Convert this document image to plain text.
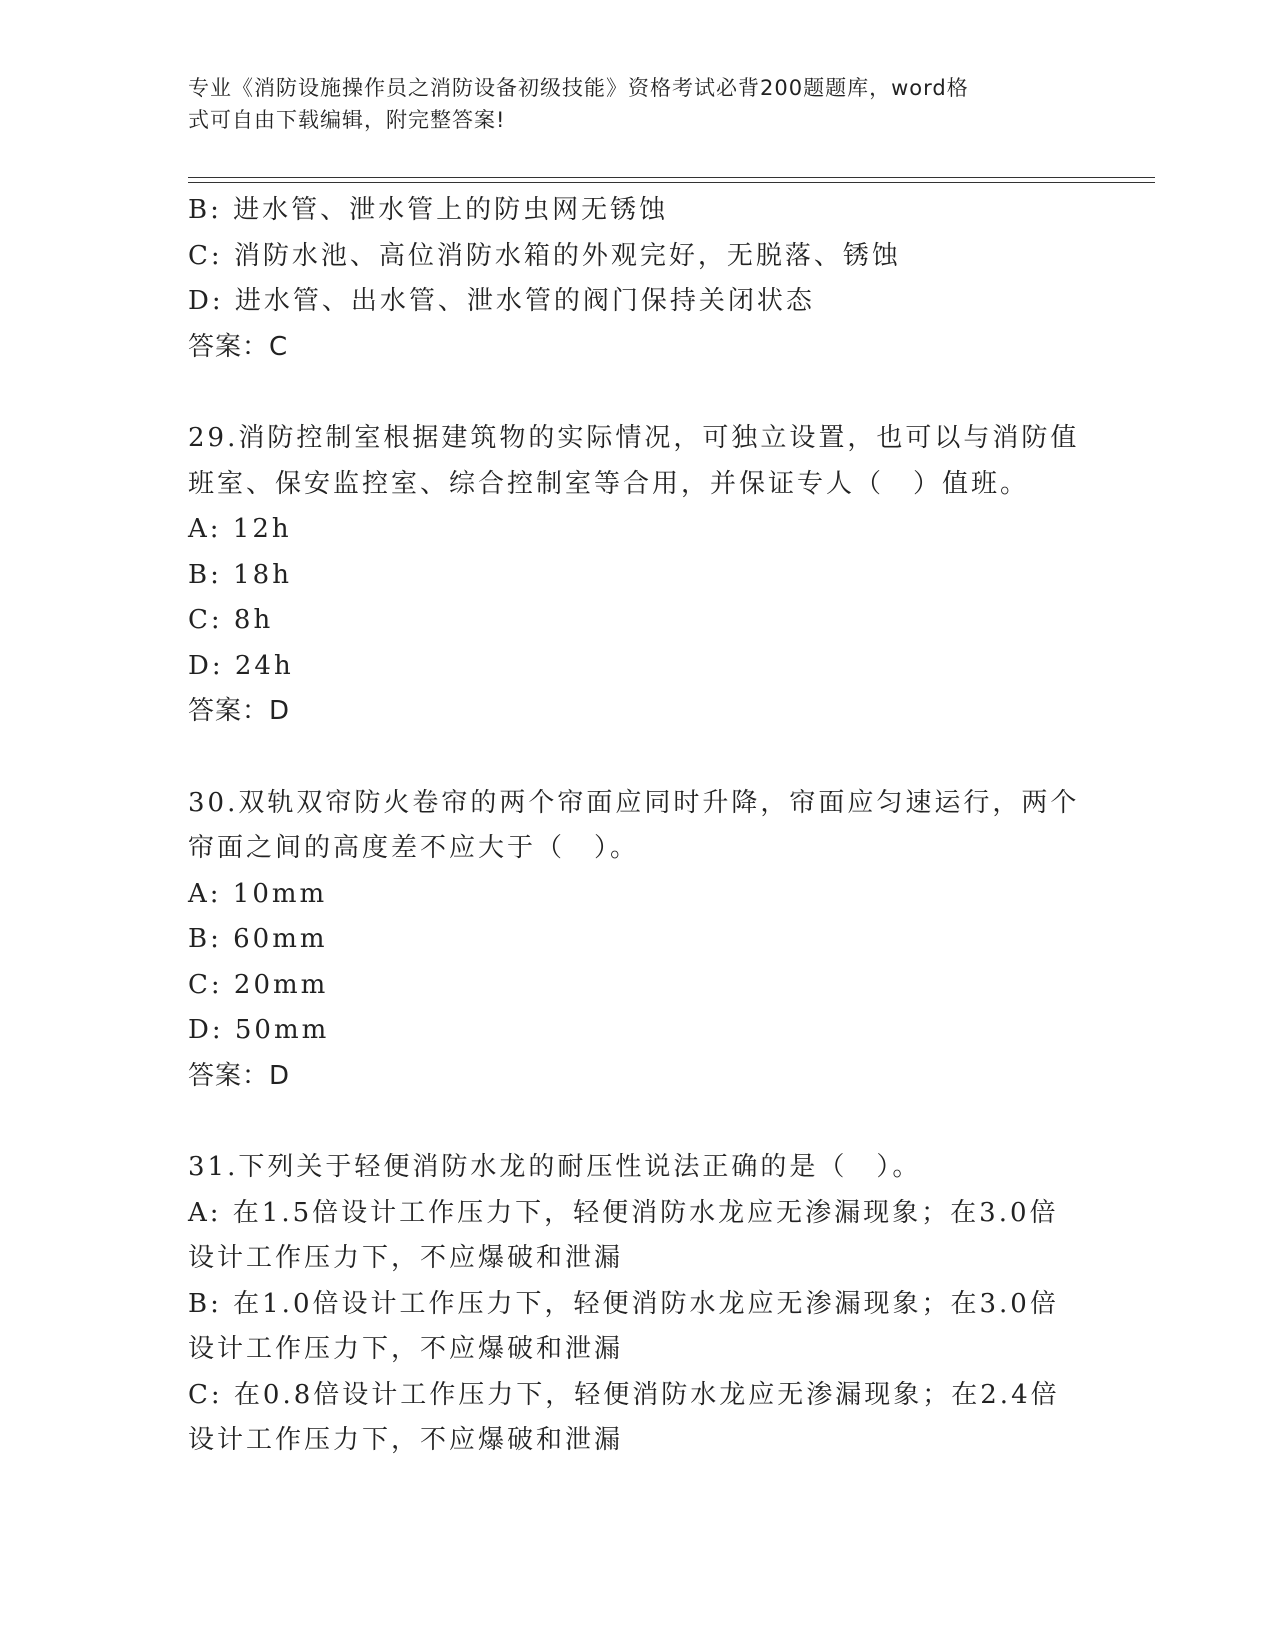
专业《消防设施操作员之消防设备初级技能》资格考试必背200题题库，word格
式可自由下载编辑，附完整答案!
B: 进水管、泄水管上的防虫网无锈蚀
C: 消防水池、高位消防水箱的外观完好，无脱落、锈蚀
D: 进水管、出水管、泄水管的阀门保持关闭状态
答案：C
29.消防控制室根据建筑物的实际情况，可独立设置，也可以与消防值
班室、保安监控室、综合控制室等合用，并保证专人（　）值班。
A: 12h
B: 18h
C: 8h
D: 24h
答案：D
30.双轨双帘防火卷帘的两个帘面应同时升降，帘面应匀速运行，两个
帘面之间的高度差不应大于（　）。
A: 10mm
B: 60mm
C: 20mm
D: 50mm
答案：D
31.下列关于轻便消防水龙的耐压性说法正确的是（　）。
A: 在1.5倍设计工作压力下，轻便消防水龙应无渗漏现象；在3.0倍
设计工作压力下，不应爆破和泄漏
B: 在1.0倍设计工作压力下，轻便消防水龙应无渗漏现象；在3.0倍
设计工作压力下，不应爆破和泄漏
C: 在0.8倍设计工作压力下，轻便消防水龙应无渗漏现象；在2.4倍
设计工作压力下，不应爆破和泄漏
